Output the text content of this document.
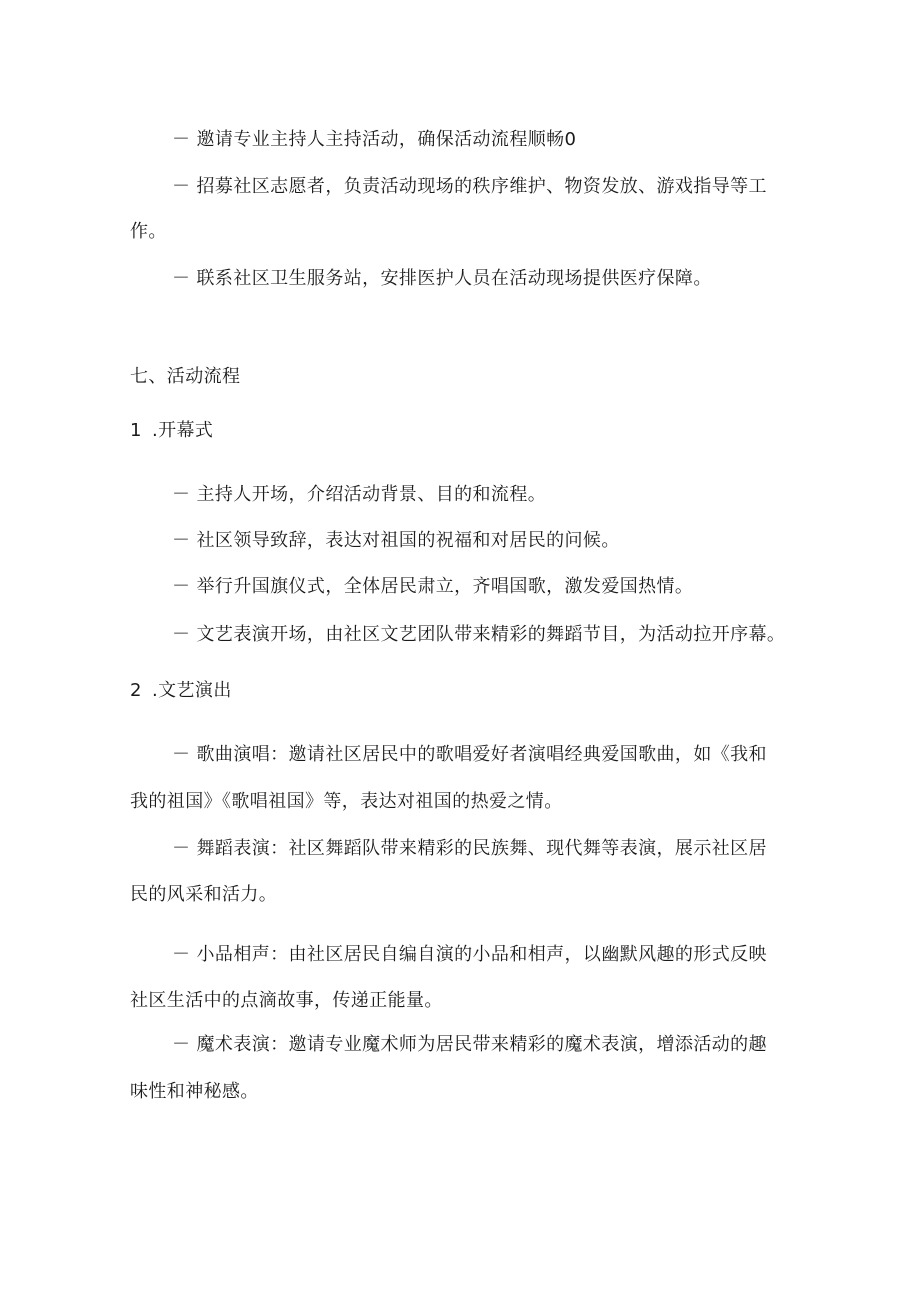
－ 邀请专业主持人主持活动，确保活动流程顺畅0
－ 招募社区志愿者，负责活动现场的秩序维护、物资发放、游戏指导等工
作。
－ 联系社区卫生服务站，安排医护人员在活动现场提供医疗保障。
七、活动流程
1 .开幕式
－ 主持人开场，介绍活动背景、目的和流程。
－ 社区领导致辞，表达对祖国的祝福和对居民的问候。
－ 举行升国旗仪式，全体居民肃立，齐唱国歌，激发爱国热情。
－ 文艺表演开场，由社区文艺团队带来精彩的舞蹈节目，为活动拉开序幕。
2 .文艺演出
－ 歌曲演唱：邀请社区居民中的歌唱爱好者演唱经典爱国歌曲，如《我和
我的祖国》《歌唱祖国》等，表达对祖国的热爱之情。
－ 舞蹈表演：社区舞蹈队带来精彩的民族舞、现代舞等表演，展示社区居
民的风采和活力。
－ 小品相声：由社区居民自编自演的小品和相声，以幽默风趣的形式反映
社区生活中的点滴故事，传递正能量。
－ 魔术表演：邀请专业魔术师为居民带来精彩的魔术表演，增添活动的趣
味性和神秘感。
